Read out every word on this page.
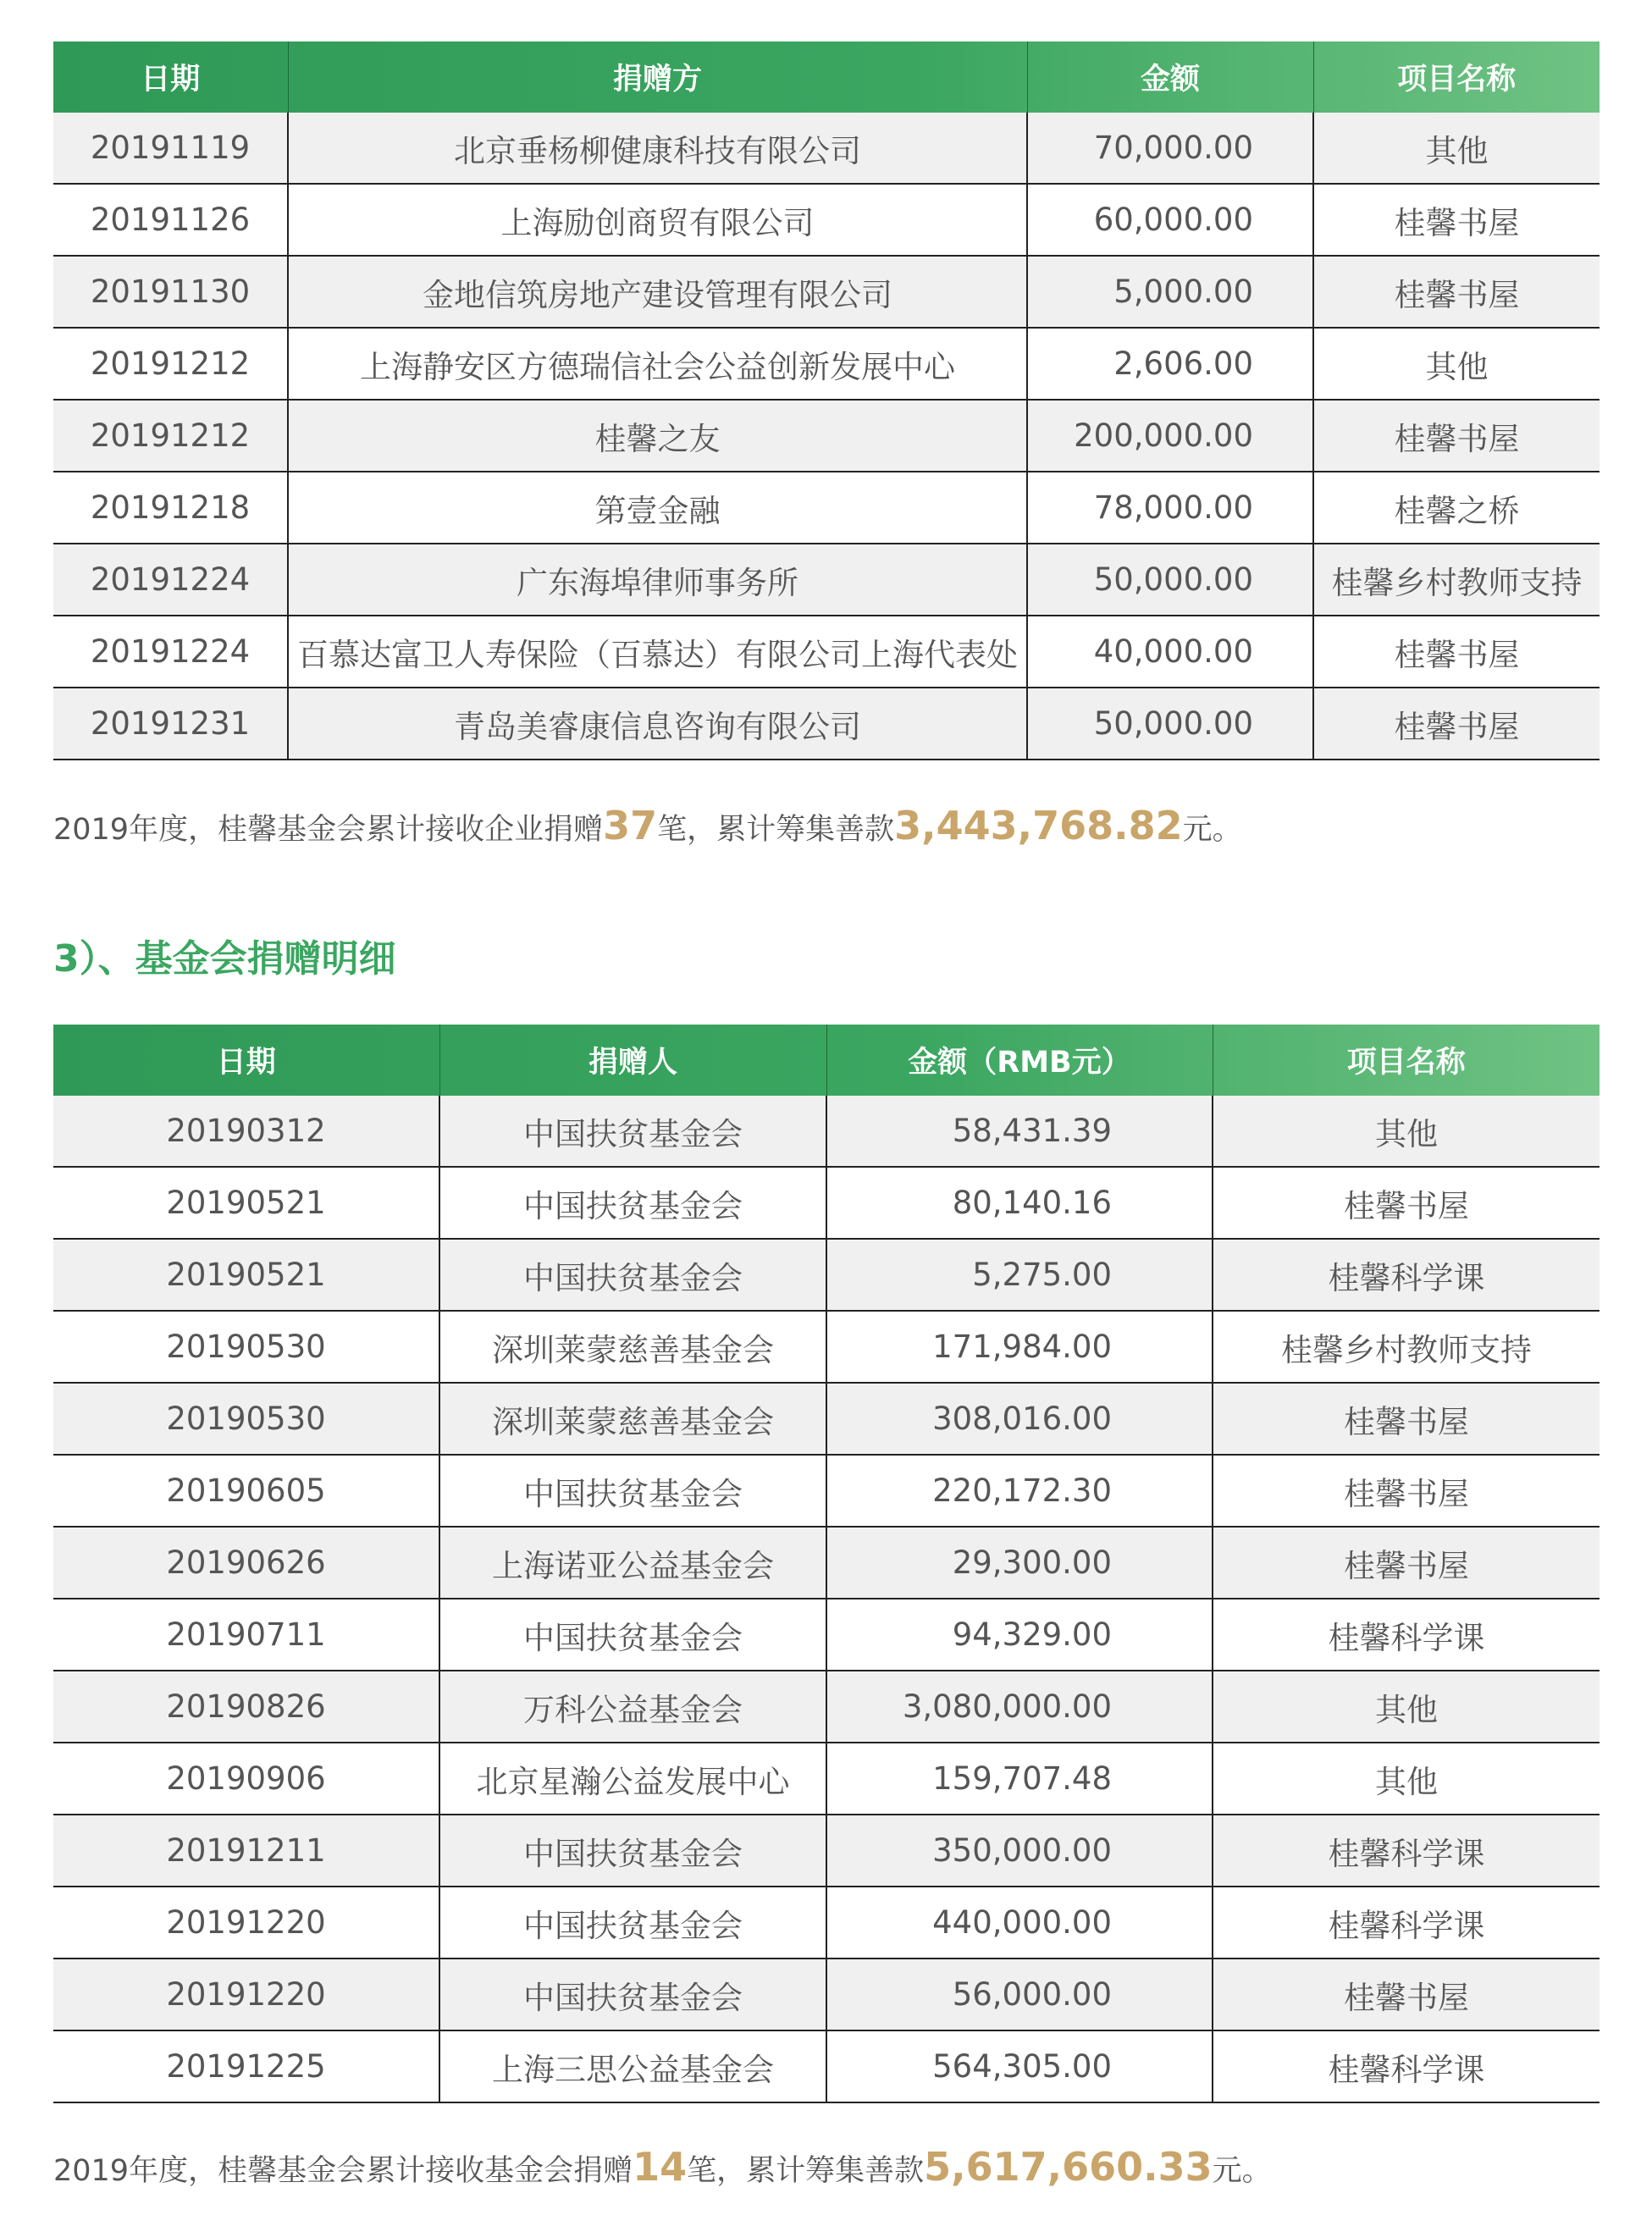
日期	捐赠方	金额	项目名称
20191119	北京垂杨柳健康科技有限公司	70,000.00	其他
20191126	上海励创商贸有限公司	60,000.00	桂馨书屋
20191130	金地信筑房地产建设管理有限公司	5,000.00	桂馨书屋
20191212	上海静安区方德瑞信社会公益创新发展中心	2,606.00	其他
20191212	桂馨之友	200,000.00	桂馨书屋
20191218	第壹金融	78,000.00	桂馨之桥
20191224	广东海埠律师事务所	50,000.00	桂馨乡村教师支持
20191224	百慕达富卫人寿保险（百慕达）有限公司上海代表处	40,000.00	桂馨书屋
20191231	青岛美睿康信息咨询有限公司	50,000.00	桂馨书屋
2019年度，桂馨基金会累计接收企业捐赠37笔，累计筹集善款3,443,768.82元。
3）、基金会捐赠明细
日期	捐赠人	金额（RMB元）	项目名称
20190312	中国扶贫基金会	58,431.39	其他
20190521	中国扶贫基金会	80,140.16	桂馨书屋
20190521	中国扶贫基金会	5,275.00	桂馨科学课
20190530	深圳莱蒙慈善基金会	171,984.00	桂馨乡村教师支持
20190530	深圳莱蒙慈善基金会	308,016.00	桂馨书屋
20190605	中国扶贫基金会	220,172.30	桂馨书屋
20190626	上海诺亚公益基金会	29,300.00	桂馨书屋
20190711	中国扶贫基金会	94,329.00	桂馨科学课
20190826	万科公益基金会	3,080,000.00	其他
20190906	北京星瀚公益发展中心	159,707.48	其他
20191211	中国扶贫基金会	350,000.00	桂馨科学课
20191220	中国扶贫基金会	440,000.00	桂馨科学课
20191220	中国扶贫基金会	56,000.00	桂馨书屋
20191225	上海三思公益基金会	564,305.00	桂馨科学课
2019年度，桂馨基金会累计接收基金会捐赠14笔，累计筹集善款5,617,660.33元。
